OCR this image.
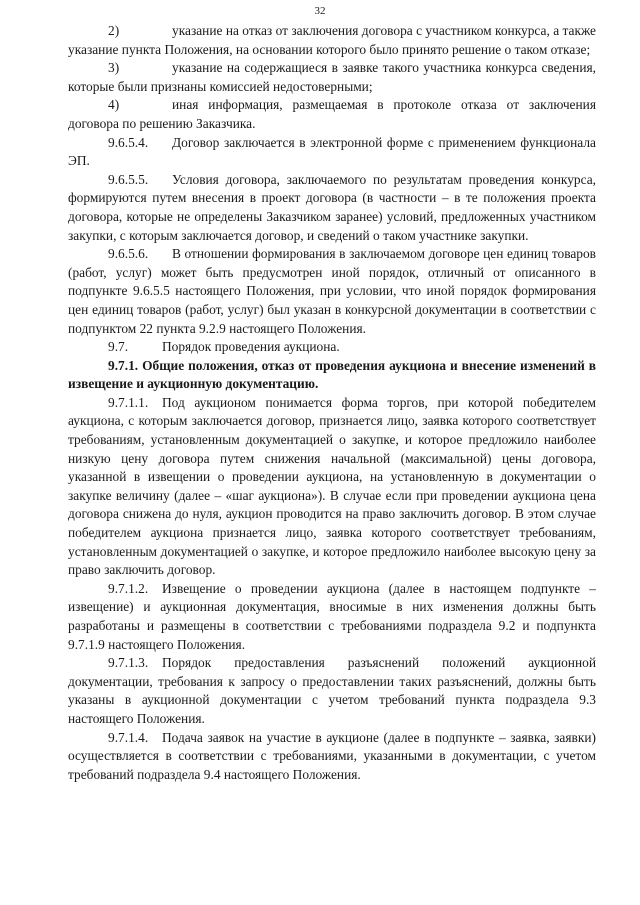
32

2)	указание на отказ от заключения договора с участником конкурса, а также указание пункта Положения, на основании которого было принято решение о таком отказе;

3)	указание на содержащиеся в заявке такого участника конкурса сведения, которые были признаны комиссией недостоверными;

4)	иная информация, размещаемая в протоколе отказа от заключения договора по решению Заказчика.

9.6.5.4. Договор заключается в электронной форме с применением функционала ЭП.

9.6.5.5. Условия договора, заключаемого по результатам проведения конкурса, формируются путем внесения в проект договора (в частности – в те положения проекта договора, которые не определены Заказчиком заранее) условий, предложенных участником закупки, с которым заключается договор, и сведений о таком участнике закупки.

9.6.5.6. В отношении формирования в заключаемом договоре цен единиц товаров (работ, услуг) может быть предусмотрен иной порядок, отличный от описанного в подпункте 9.6.5.5 настоящего Положения, при условии, что иной порядок формирования цен единиц товаров (работ, услуг) был указан в конкурсной документации в соответствии с подпунктом 22 пункта 9.2.9 настоящего Положения.

9.7.	Порядок проведения аукциона.

9.7.1. Общие положения, отказ от проведения аукциона и внесение изменений в извещение и аукционную документацию.

9.7.1.1. Под аукционом понимается форма торгов, при которой победителем аукциона, с которым заключается договор, признается лицо, заявка которого соответствует требованиям, установленным документацией о закупке, и которое предложило наиболее низкую цену договора путем снижения начальной (максимальной) цены договора, указанной в извещении о проведении аукциона, на установленную в документации о закупке величину (далее – «шаг аукциона»). В случае если при проведении аукциона цена договора снижена до нуля, аукцион проводится на право заключить договор. В этом случае победителем аукциона признается лицо, заявка которого соответствует требованиям, установленным документацией о закупке, и которое предложило наиболее высокую цену за право заключить договор.

9.7.1.2. Извещение о проведении аукциона (далее в настоящем подпункте – извещение) и аукционная документация, вносимые в них изменения должны быть разработаны и размещены в соответствии с требованиями подраздела 9.2 и подпункта 9.7.1.9 настоящего Положения.

9.7.1.3. Порядок предоставления разъяснений положений аукционной документации, требования к запросу о предоставлении таких разъяснений, должны быть указаны в аукционной документации с учетом требований пункта подраздела 9.3 настоящего Положения.

9.7.1.4. Подача заявок на участие в аукционе (далее в подпункте – заявка, заявки) осуществляется в соответствии с требованиями, указанными в документации, с учетом требований подраздела 9.4 настоящего Положения.
